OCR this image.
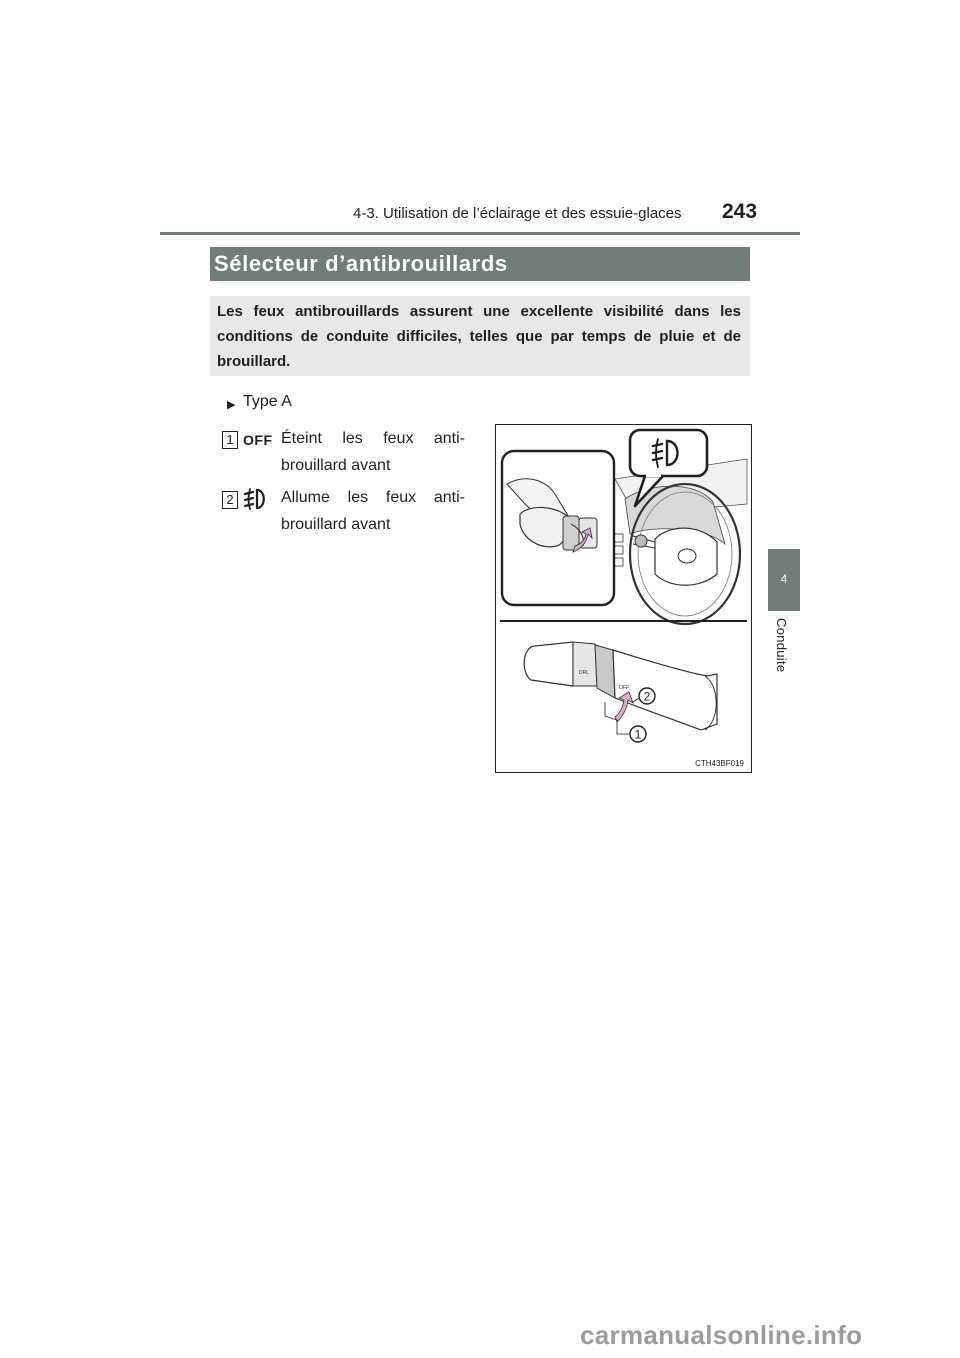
4-3. Utilisation de l’éclairage et des essuie-glaces 243
4
Conduite
Sélecteur d’antibrouillards
Les feux antibrouillards assurent une excellente visibilité dans les conditions de conduite difficiles, telles que par temps de pluie et de brouillard.
▶ Type A
1 OFF Éteint les feux anti-brouillard avant
2	Allume les feux anti-brouillard avant
DRL
OFF
2
1
CTH43BF019
carmanualsonline.info
